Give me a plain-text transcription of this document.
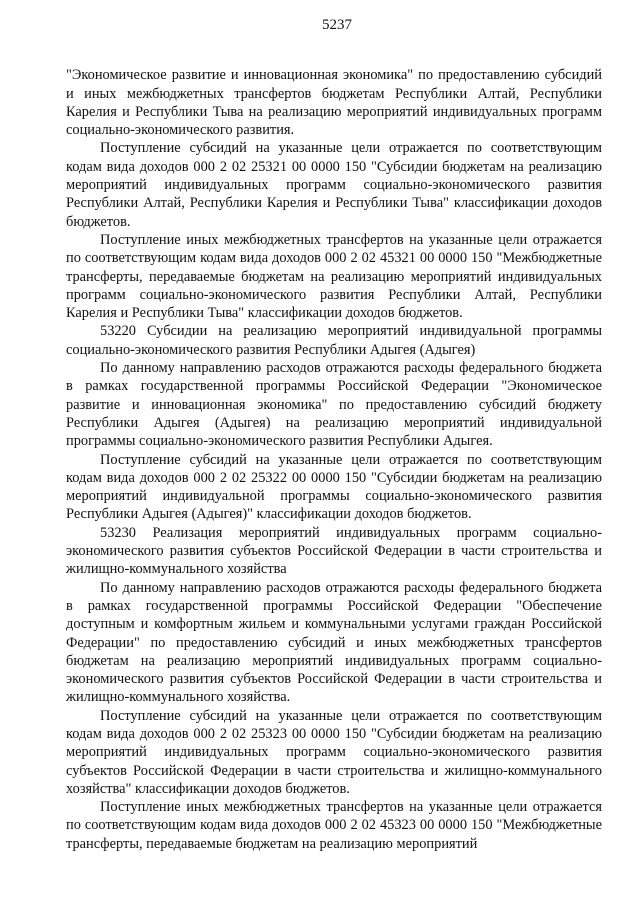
5237

"Экономическое развитие и инновационная экономика" по предоставлению субсидий и иных межбюджетных трансфертов бюджетам Республики Алтай, Республики Карелия и Республики Тыва на реализацию мероприятий индивидуальных программ социально-экономического развития.

Поступление субсидий на указанные цели отражается по соответствующим кодам вида доходов 000 2 02 25321 00 0000 150 "Субсидии бюджетам на реализацию мероприятий индивидуальных программ социально-экономического развития Республики Алтай, Республики Карелия и Республики Тыва" классификации доходов бюджетов.

Поступление иных межбюджетных трансфертов на указанные цели отражается по соответствующим кодам вида доходов 000 2 02 45321 00 0000 150 "Межбюджетные трансферты, передаваемые бюджетам на реализацию мероприятий индивидуальных программ социально-экономического развития Республики Алтай, Республики Карелия и Республики Тыва" классификации доходов бюджетов.

53220 Субсидии на реализацию мероприятий индивидуальной программы социально-экономического развития Республики Адыгея (Адыгея)

По данному направлению расходов отражаются расходы федерального бюджета в рамках государственной программы Российской Федерации "Экономическое развитие и инновационная экономика" по предоставлению субсидий бюджету Республики Адыгея (Адыгея) на реализацию мероприятий индивидуальной программы социально-экономического развития Республики Адыгея.

Поступление субсидий на указанные цели отражается по соответствующим кодам вида доходов 000 2 02 25322 00 0000 150 "Субсидии бюджетам на реализацию мероприятий индивидуальной программы социально-экономического развития Республики Адыгея (Адыгея)" классификации доходов бюджетов.

53230 Реализация мероприятий индивидуальных программ социально-экономического развития субъектов Российской Федерации в части строительства и жилищно-коммунального хозяйства

По данному направлению расходов отражаются расходы федерального бюджета в рамках государственной программы Российской Федерации "Обеспечение доступным и комфортным жильем и коммунальными услугами граждан Российской Федерации" по предоставлению субсидий и иных межбюджетных трансфертов бюджетам на реализацию мероприятий индивидуальных программ социально-экономического развития субъектов Российской Федерации в части строительства и жилищно-коммунального хозяйства.

Поступление субсидий на указанные цели отражается по соответствующим кодам вида доходов 000 2 02 25323 00 0000 150 "Субсидии бюджетам на реализацию мероприятий индивидуальных программ социально-экономического развития субъектов Российской Федерации в части строительства и жилищно-коммунального хозяйства" классификации доходов бюджетов.

Поступление иных межбюджетных трансфертов на указанные цели отражается по соответствующим кодам вида доходов 000 2 02 45323 00 0000 150 "Межбюджетные трансферты, передаваемые бюджетам на реализацию мероприятий
